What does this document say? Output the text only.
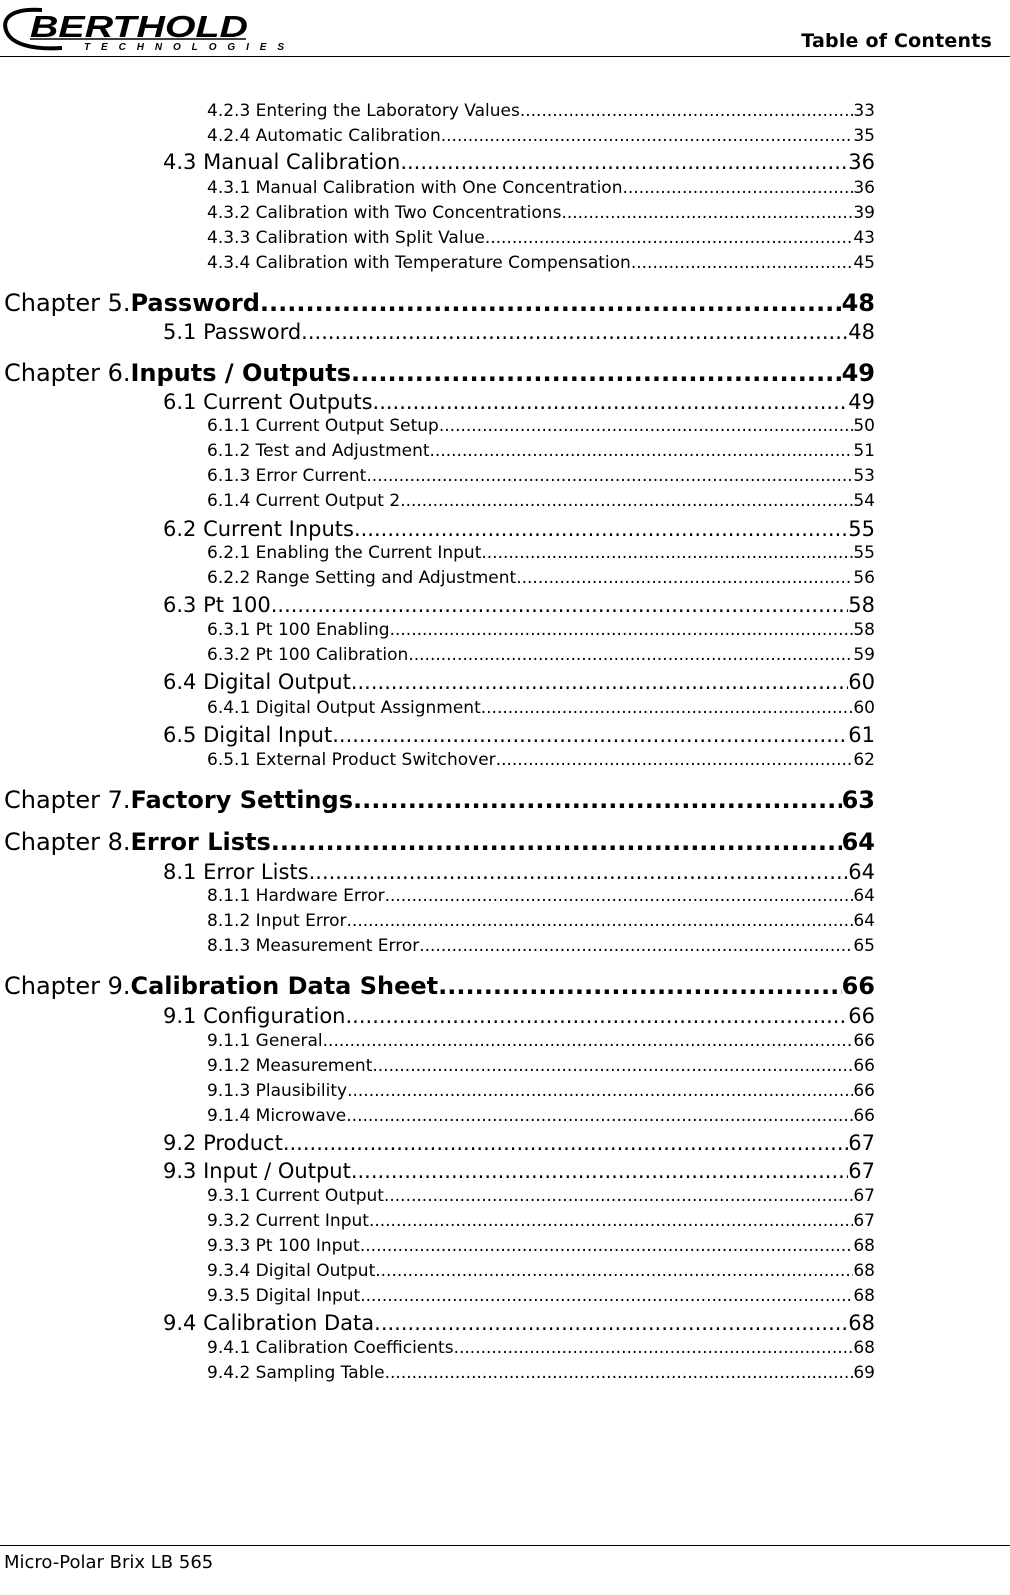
BERTHOLD
TECHNOLOGIES	Table of Contents
4.2.3 Entering the Laboratory Values .....	33
4.2.4 Automatic Calibration .....	35
4.3 Manual Calibration .....	36
4.3.1 Manual Calibration with One Concentration .....	36
4.3.2 Calibration with Two Concentrations .....	39
4.3.3 Calibration with Split Value .....	43
4.3.4 Calibration with Temperature Compensation .....	45
Chapter 5. Password .....	48
5.1 Password .....	48
Chapter 6. Inputs / Outputs .....	49
6.1 Current Outputs .....	49
6.1.1 Current Output Setup .....	50
6.1.2 Test and Adjustment .....	51
6.1.3 Error Current .....	53
6.1.4 Current Output 2 .....	54
6.2 Current Inputs .....	55
6.2.1 Enabling the Current Input .....	55
6.2.2 Range Setting and Adjustment .....	56
6.3 Pt 100 .....	58
6.3.1 Pt 100 Enabling .....	58
6.3.2 Pt 100 Calibration .....	59
6.4 Digital Output .....	60
6.4.1 Digital Output Assignment .....	60
6.5 Digital Input .....	61
6.5.1 External Product Switchover .....	62
Chapter 7. Factory Settings .....	63
Chapter 8. Error Lists .....	64
8.1 Error Lists .....	64
8.1.1 Hardware Error .....	64
8.1.2 Input Error .....	64
8.1.3 Measurement Error .....	65
Chapter 9. Calibration Data Sheet .....	66
9.1 Configuration .....	66
9.1.1 General .....	66
9.1.2 Measurement .....	66
9.1.3 Plausibility .....	66
9.1.4 Microwave .....	66
9.2 Product .....	67
9.3 Input / Output .....	67
9.3.1 Current Output .....	67
9.3.2 Current Input .....	67
9.3.3 Pt 100 Input .....	68
9.3.4 Digital Output .....	68
9.3.5 Digital Input .....	68
9.4 Calibration Data .....	68
9.4.1 Calibration Coefficients .....	68
9.4.2 Sampling Table .....	69
Micro-Polar Brix LB 565
